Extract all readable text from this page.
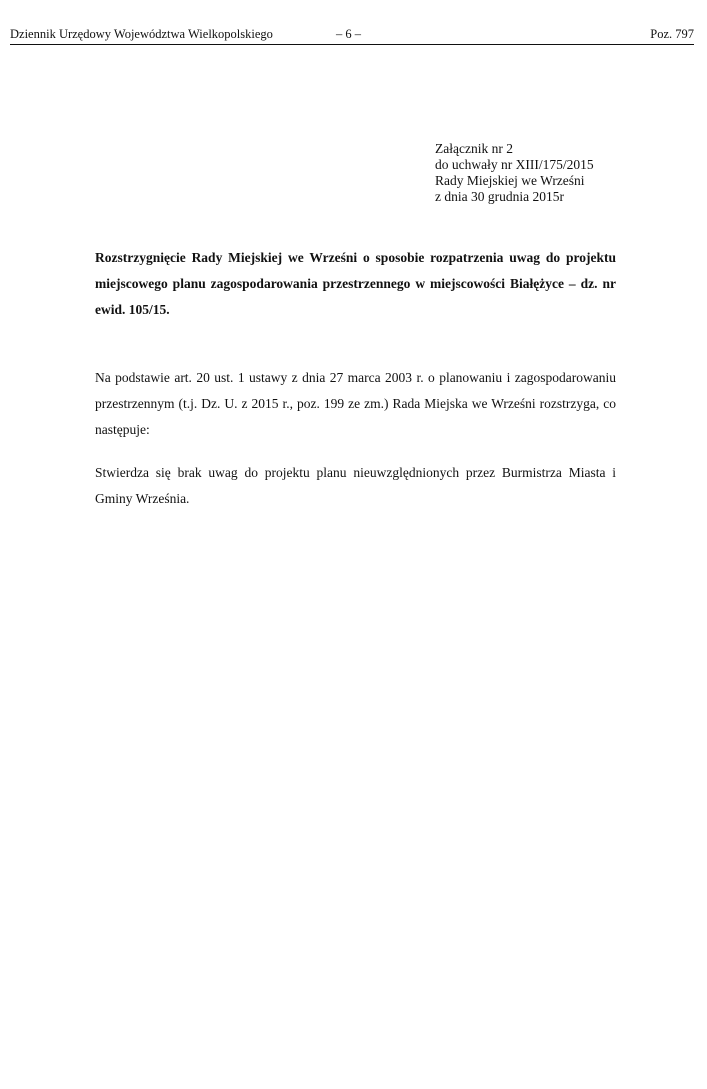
Dziennik Urzędowy Województwa Wielkopolskiego	– 6 –	Poz. 797
Załącznik nr 2
do uchwały nr XIII/175/2015
Rady Miejskiej we Wrześni
z dnia 30 grudnia 2015r
Rozstrzygnięcie Rady Miejskiej we Wrześni o sposobie rozpatrzenia uwag do projektu miejscowego planu zagospodarowania przestrzennego w miejscowości Białężyce – dz. nr ewid. 105/15.
Na podstawie art. 20 ust. 1 ustawy z dnia 27 marca 2003 r. o planowaniu i zagospodarowaniu przestrzennym (t.j. Dz. U. z 2015 r., poz. 199 ze zm.) Rada Miejska we Wrześni rozstrzyga, co następuje:
Stwierdza się brak uwag do projektu planu nieuwzględnionych przez Burmistrza Miasta i Gminy Września.
